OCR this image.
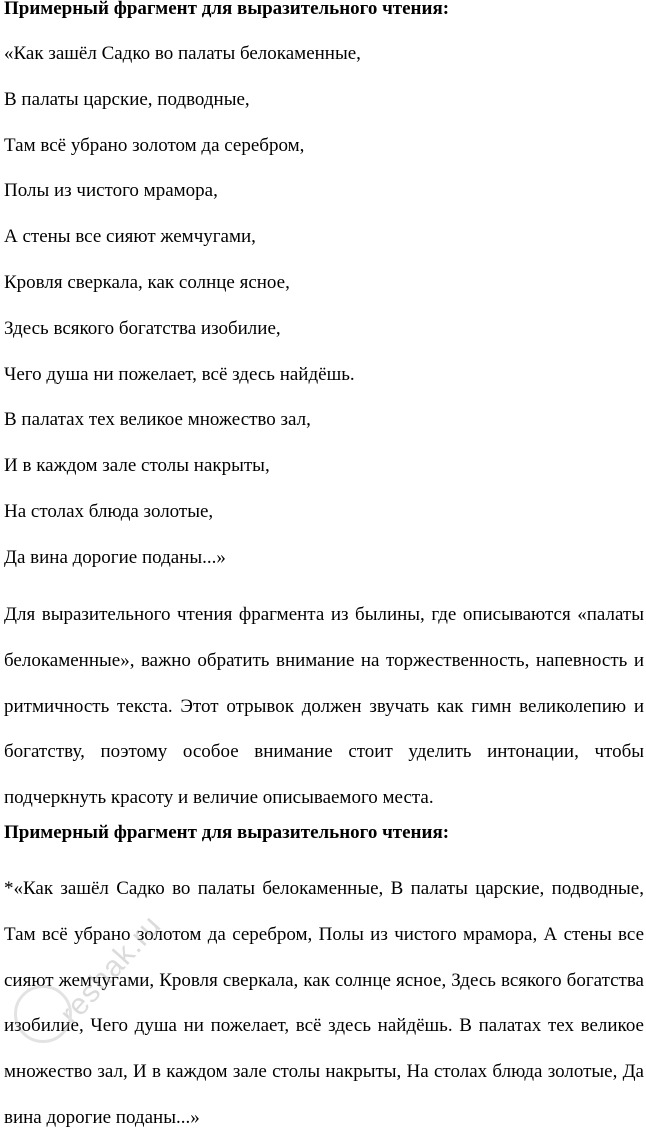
Примерный фрагмент для выразительного чтения:

«Как зашёл Садко во палаты белокаменные,
В палаты царские, подводные,
Там всё убрано золотом да серебром,
Полы из чистого мрамора,
А стены все сияют жемчугами,
Кровля сверкала, как солнце ясное,
Здесь всякого богатства изобилие,
Чего душа ни пожелает, всё здесь найдёшь.
В палатах тех великое множество зал,
И в каждом зале столы накрыты,
На столах блюда золотые,
Да вина дорогие поданы...»

Для выразительного чтения фрагмента из былины, где описываются «палаты белокаменные», важно обратить внимание на торжественность, напевность и ритмичность текста. Этот отрывок должен звучать как гимн великолепию и богатству, поэтому особое внимание стоит уделить интонации, чтобы подчеркнуть красоту и величие описываемого места.

Примерный фрагмент для выразительного чтения:

*«Как зашёл Садко во палаты белокаменные, В палаты царские, подводные, Там всё убрано золотом да серебром, Полы из чистого мрамора, А стены все сияют жемчугами, Кровля сверкала, как солнце ясное, Здесь всякого богатства изобилие, Чего душа ни пожелает, всё здесь найдёшь. В палатах тех великое множество зал, И в каждом зале столы накрыты, На столах блюда золотые, Да вина дорогие поданы...»

reshak.ru
